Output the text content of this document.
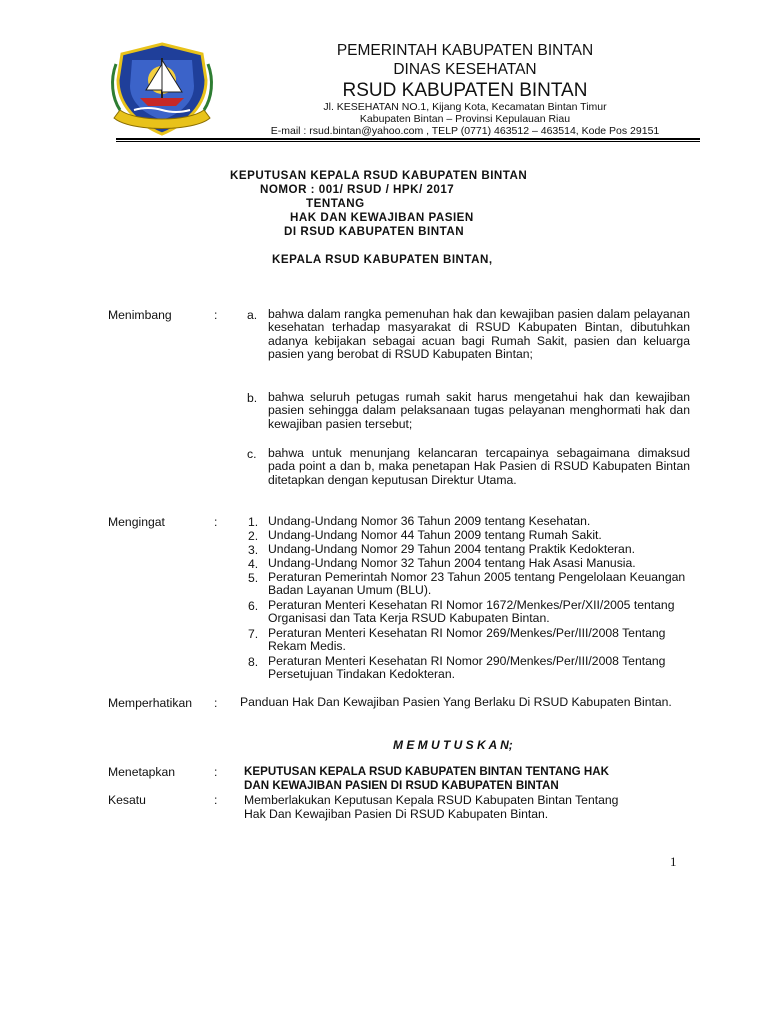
PEMERINTAH KABUPATEN BINTAN
DINAS KESEHATAN
RSUD KABUPATEN BINTAN
Jl. KESEHATAN NO.1, Kijang Kota, Kecamatan Bintan Timur
Kabupaten Bintan – Provinsi Kepulauan Riau
E-mail : rsud.bintan@yahoo.com , TELP (0771) 463512 – 463514, Kode Pos 29151
KEPUTUSAN KEPALA RSUD KABUPATEN BINTAN
NOMOR : 001/ RSUD / HPK/ 2017
TENTANG
HAK DAN KEWAJIBAN PASIEN
DI RSUD KABUPATEN BINTAN
KEPALA RSUD KABUPATEN BINTAN,
Menimbang	: a. bahwa dalam rangka pemenuhan hak dan kewajiban pasien dalam pelayanan kesehatan terhadap masyarakat di RSUD Kabupaten Bintan, dibutuhkan adanya kebijakan sebagai acuan bagi Rumah Sakit, pasien dan keluarga pasien yang berobat di RSUD Kabupaten Bintan;
b. bahwa seluruh petugas rumah sakit harus mengetahui hak dan kewajiban pasien sehingga dalam pelaksanaan tugas pelayanan menghormati hak dan kewajiban pasien tersebut;
c. bahwa untuk menunjang kelancaran tercapainya sebagaimana dimaksud pada point a dan b, maka penetapan Hak Pasien di RSUD Kabupaten Bintan ditetapkan dengan keputusan Direktur Utama.
Mengingat	:	1. Undang-Undang Nomor 36 Tahun 2009 tentang Kesehatan.
2. Undang-Undang Nomor 44 Tahun 2009 tentang Rumah Sakit.
3. Undang-Undang Nomor 29 Tahun 2004 tentang Praktik Kedokteran.
4. Undang-Undang Nomor 32 Tahun 2004 tentang Hak Asasi Manusia.
5. Peraturan Pemerintah Nomor 23 Tahun 2005 tentang Pengelolaan Keuangan Badan Layanan Umum (BLU).
6. Peraturan Menteri Kesehatan RI Nomor 1672/Menkes/Per/XII/2005 tentang Organisasi dan Tata Kerja RSUD Kabupaten Bintan.
7. Peraturan Menteri Kesehatan RI Nomor 269/Menkes/Per/III/2008 Tentang Rekam Medis.
8. Peraturan Menteri Kesehatan RI Nomor 290/Menkes/Per/III/2008 Tentang Persetujuan Tindakan Kedokteran.
Memperhatikan : Panduan Hak Dan Kewajiban Pasien Yang Berlaku Di RSUD Kabupaten Bintan.
M E M U T U S K A N;
Menetapkan	: KEPUTUSAN KEPALA RSUD KABUPATEN BINTAN TENTANG HAK
DAN KEWAJIBAN PASIEN DI RSUD KABUPATEN BINTAN
Kesatu	: Memberlakukan Keputusan Kepala RSUD Kabupaten Bintan Tentang
Hak Dan Kewajiban Pasien Di RSUD Kabupaten Bintan.
1
